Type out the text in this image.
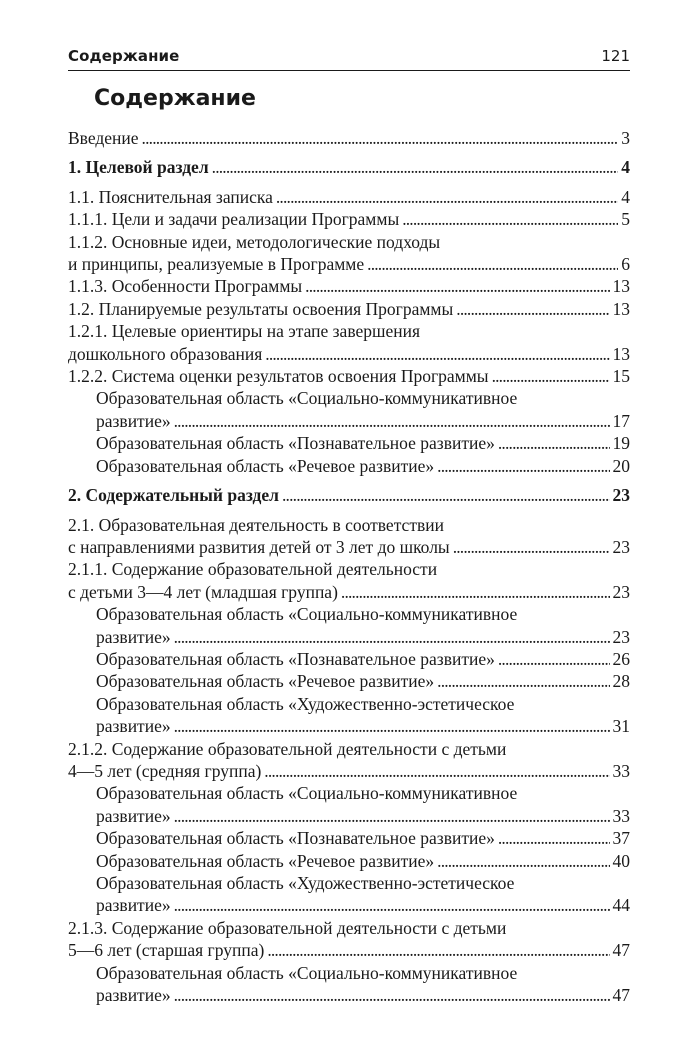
Содержание	121
Содержание
Введение . . .	3
1. Целевой раздел . . .	4
1.1. Пояснительная записка . . .	4
1.1.1. Цели и задачи реализации Программы . . .	5
1.1.2. Основные идеи, методологические подходы
и принципы, реализуемые в Программе . . .	6
1.1.3. Особенности Программы . . .	13
1.2. Планируемые результаты освоения Программы . . .	13
1.2.1. Целевые ориентиры на этапе завершения
дошкольного образования . . .	13
1.2.2. Система оценки результатов освоения Программы . . .	15
Образовательная область «Социально-коммуникативное
развитие» . . .	17
Образовательная область «Познавательное развитие» . . .	19
Образовательная область «Речевое развитие» . . .	20
2. Содержательный раздел . . .	23
2.1. Образовательная деятельность в соответствии
с направлениями развития детей от 3 лет до школы . . .	23
2.1.1. Содержание образовательной деятельности
с детьми 3—4 лет (младшая группа) . . .	23
Образовательная область «Социально-коммуникативное
развитие» . . .	23
Образовательная область «Познавательное развитие» . . .	26
Образовательная область «Речевое развитие» . . .	28
Образовательная область «Художественно-эстетическое
развитие» . . .	31
2.1.2. Содержание образовательной деятельности с детьми
4—5 лет (средняя группа) . . .	33
Образовательная область «Социально-коммуникативное
развитие» . . .	33
Образовательная область «Познавательное развитие» . . .	37
Образовательная область «Речевое развитие» . . .	40
Образовательная область «Художественно-эстетическое
развитие» . . .	44
2.1.3. Содержание образовательной деятельности с детьми
5—6 лет (старшая группа) . . .	47
Образовательная область «Социально-коммуникативное
развитие» . . .	47
